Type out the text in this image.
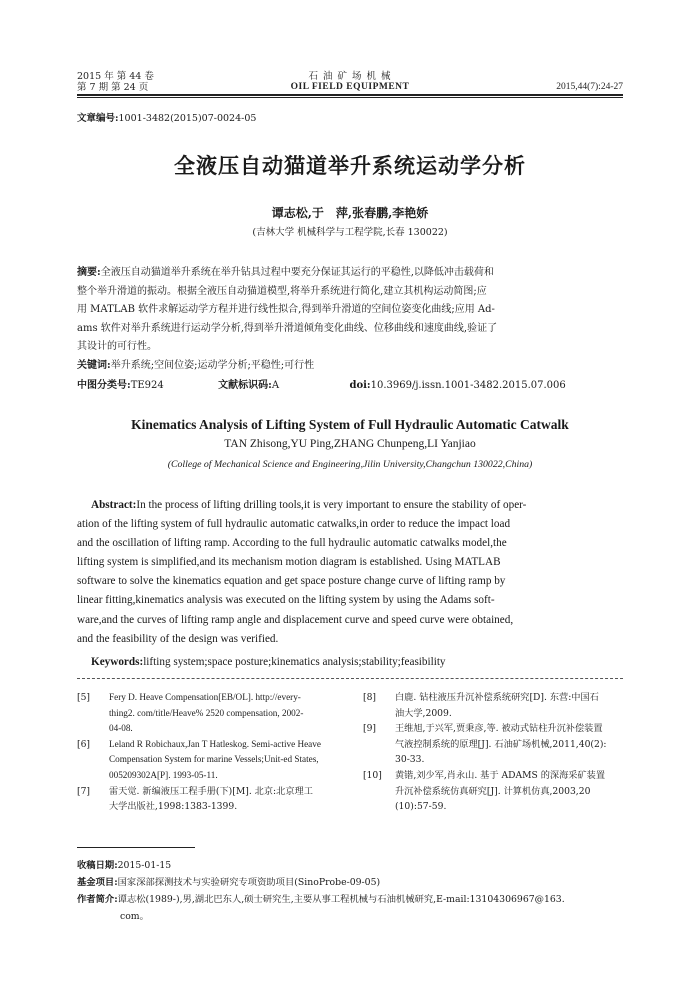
2015 年 第 44 卷
第 7 期 第 24 页
石 油 矿 场 机 械
OIL FIELD EQUIPMENT	2015,44(7):24-27
文章编号:1001-3482(2015)07-0024-05
全液压自动猫道举升系统运动学分析
谭志松,于　萍,张春鹏,李艳娇
(吉林大学 机械科学与工程学院,长春 130022)
摘要:全液压自动猫道举升系统在举升钻具过程中要充分保证其运行的平稳性,以降低冲击载荷和
整个举升滑道的振动。根据全液压自动猫道模型,将举升系统进行简化,建立其机构运动简图;应
用 MATLAB 软件求解运动学方程并进行线性拟合,得到举升滑道的空间位姿变化曲线;应用 Ad-
ams 软件对举升系统进行运动学分析,得到举升滑道倾角变化曲线、位移曲线和速度曲线,验证了
其设计的可行性。
关键词:举升系统;空间位姿;运动学分析;平稳性;可行性
中图分类号:TE924	文献标识码:A	doi:10.3969/j.issn.1001-3482.2015.07.006
Kinematics Analysis of Lifting System of Full Hydraulic Automatic Catwalk
TAN Zhisong,YU Ping,ZHANG Chunpeng,LI Yanjiao
(College of Mechanical Science and Engineering,Jilin University,Changchun 130022,China)
Abstract:In the process of lifting drilling tools,it is very important to ensure the stability of oper-
ation of the lifting system of full hydraulic automatic catwalks,in order to reduce the impact load
and the oscillation of lifting ramp. According to the full hydraulic automatic catwalks model,the
lifting system is simplified,and its mechanism motion diagram is established. Using MATLAB
software to solve the kinematics equation and get space posture change curve of lifting ramp by
linear fitting,kinematics analysis was executed on the lifting system by using the Adams soft-
ware,and the curves of lifting ramp angle and displacement curve and speed curve were obtained,
and the feasibility of the design was verified.
Keywords:lifting system;space posture;kinematics analysis;stability;feasibility
[5] Fery D. Heave Compensation[EB/OL]. http://every-
thing2. com/title/Heave% 2520 compensation, 2002-
04-08.
[6] Leland R Robichaux,Jan T Hatleskog. Semi-active Heave
Compensation System for marine Vessels;Unit-ed States,
005209302A[P]. 1993-05-11.
[7] 雷天觉. 新编液压工程手册(下)[M]. 北京:北京理工
大学出版社,1998:1383-1399.
[8] 白鹿. 钻柱液压升沉补偿系统研究[D]. 东营:中国石
油大学,2009.
[9] 王维旭,于兴军,贾秉彦,等. 被动式钻柱升沉补偿装置
气液控制系统的原理[J]. 石油矿场机械,2011,40(2):
30-33.
[10] 黄锴,刘少军,肖永山. 基于 ADAMS 的深海采矿装置
升沉补偿系统仿真研究[J]. 计算机仿真,2003,20
(10):57-59.
收稿日期:2015-01-15
基金项目:国家深部探测技术与实验研究专项资助项目(SinoProbe-09-05)
作者简介:谭志松(1989-),男,湖北巴东人,硕士研究生,主要从事工程机械与石油机械研究,E-mail:13104306967@163.
com。
